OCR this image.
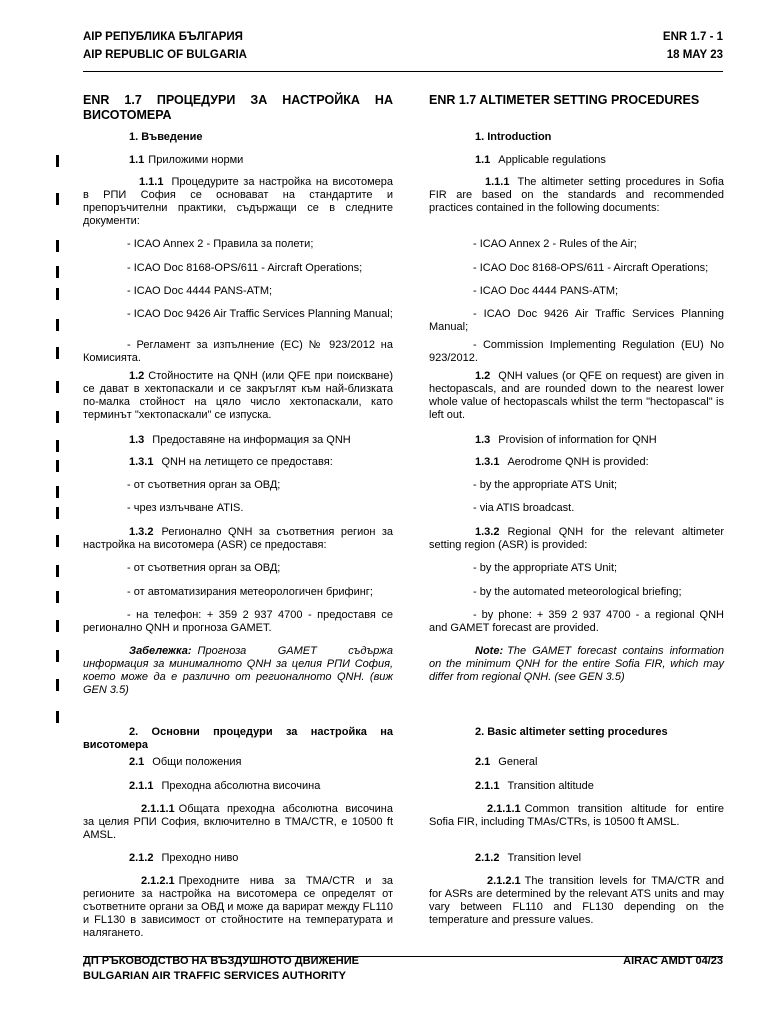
AIP РЕПУБЛИКА БЪЛГАРИЯ
AIP REPUBLIC OF BULGARIA
ENR 1.7 - 1
18 MAY 23

ENR 1.7 ПРОЦЕДУРИ ЗА НАСТРОЙКА НА ВИСОТОМЕРА

1. Въведение

1.1 Приложими норми

1.1.1 Процедурите за настройка на висотомера в РПИ София се основават на стандартите и препоръчителни практики, съдържащи се в следните документи:

- ICAO Annex 2 - Правила за полети;

- ICAO Doc 8168-OPS/611 - Aircraft Operations;

- ICAO Doc 4444 PANS-ATM;

- ICAO Doc 9426 Air Traffic Services Planning Manual;

- Регламент за изпълнение (ЕС) № 923/2012 на Комисията.

1.2 Стойностите на QNH (или QFE при поискване) се дават в хектопаскали и се закръглят към най-близката по-малка стойност на цяло число хектопаскали, като терминът "хектопаскали" се изпуска.

1.3 Предоставяне на информация за QNH

1.3.1 QNH на летището се предоставя:

- от съответния орган за ОВД;

- чрез излъчване ATIS.

1.3.2 Регионално QNH за съответния регион за настройка на висотомера (ASR) се предоставя:

- от съответния орган за ОВД;

- от автоматизирания метеорологичен брифинг;

- на телефон: + 359 2 937 4700 - предоставя се регионално QNH и прогноза GAMET.

Забележка: Прогноза GAMET съдържа информация за минималното QNH за целия РПИ София, което може да е различно от регионалното QNH. (виж GEN 3.5)

2. Основни процедури за настройка на висотомера

2.1 Общи положения

2.1.1 Преходна абсолютна височина

2.1.1.1 Общата преходна абсолютна височина за целия РПИ София, включително в TMA/CTR, е 10500 ft AMSL.

2.1.2 Преходно ниво

2.1.2.1 Преходните нива за TMA/CTR и за регионите за настройка на висотомера се определят от съответните органи за ОВД и може да варират между FL110 и FL130 в зависимост от стойностите на температурата и налягането.

ENR 1.7 ALTIMETER SETTING PROCEDURES

1. Introduction

1.1 Applicable regulations

1.1.1 The altimeter setting procedures in Sofia FIR are based on the standards and recommended practices contained in the following documents:

- ICAO Annex 2 - Rules of the Air;

- ICAO Doc 8168-OPS/611 - Aircraft Operations;

- ICAO Doc 4444 PANS-ATM;

- ICAO Doc 9426 Air Traffic Services Planning Manual;

- Commission Implementing Regulation (EU) No 923/2012.

1.2 QNH values (or QFE on request) are given in hectopascals, and are rounded down to the nearest lower whole value of hectopascals whilst the term "hectopascal" is left out.

1.3 Provision of information for QNH

1.3.1 Aerodrome QNH is provided:

- by the appropriate ATS Unit;

- via ATIS broadcast.

1.3.2 Regional QNH for the relevant altimeter setting region (ASR) is provided:

- by the appropriate ATS Unit;

- by the automated meteorological briefing;

- by phone: + 359 2 937 4700 - a regional QNH and GAMET forecast are provided.

Note: The GAMET forecast contains information on the minimum QNH for the entire Sofia FIR, which may differ from regional QNH. (see GEN 3.5)

2. Basic altimeter setting procedures

2.1 General

2.1.1 Transition altitude

2.1.1.1 Common transition altitude for entire Sofia FIR, including TMAs/CTRs, is 10500 ft AMSL.

2.1.2 Transition level

2.1.2.1 The transition levels for TMA/CTR and for ASRs are determined by the relevant ATS units and may vary between FL110 and FL130 depending on the temperature and pressure values.

ДП РЪКОВОДСТВО НА ВЪЗДУШНОТО ДВИЖЕНИЕ
BULGARIAN AIR TRAFFIC SERVICES AUTHORITY
AIRAC AMDT 04/23
